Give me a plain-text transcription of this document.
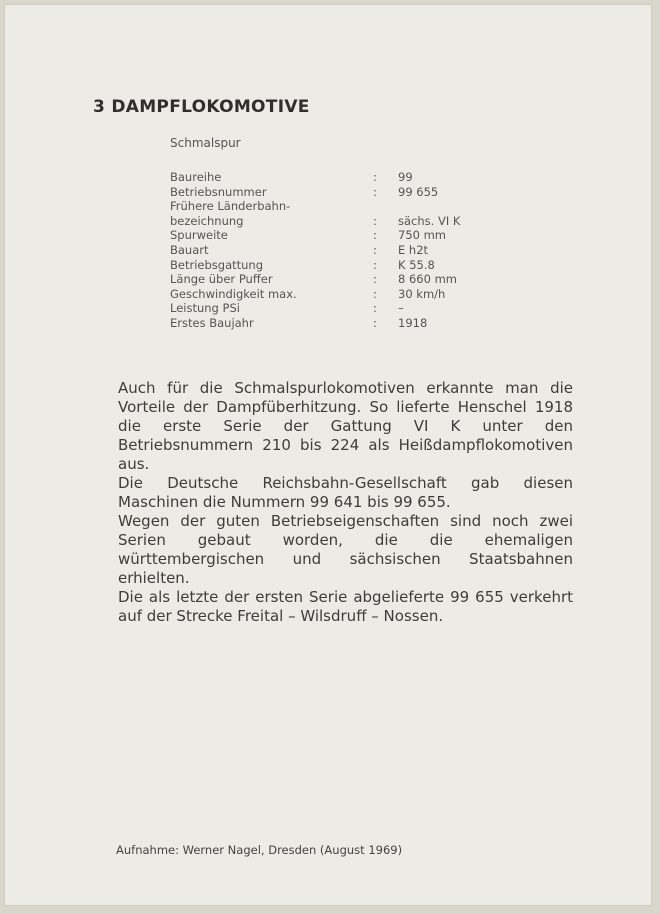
3 DAMPFLOKOMOTIVE
Schmalspur
Baureihe	:	99
Betriebsnummer	:	99 655
Frühere Länderbahn-
bezeichnung	:	sächs. VI K
Spurweite	:	750 mm
Bauart	:	E h2t
Betriebsgattung	:	K 55.8
Länge über Puffer	:	8 660 mm
Geschwindigkeit max.	:	30 km/h
Leistung PSi	:	–
Erstes Baujahr	:	1918

Auch für die Schmalspurlokomotiven erkannte man die Vorteile der Dampfüberhitzung. So lieferte Henschel 1918 die erste Serie der Gattung VI K unter den Betriebsnummern 210 bis 224 als Heißdampflokomotiven aus.

Die Deutsche Reichsbahn-Gesellschaft gab diesen Maschinen die Nummern 99 641 bis 99 655.

Wegen der guten Betriebseigenschaften sind noch zwei Serien gebaut worden, die die ehemaligen württembergischen und sächsischen Staatsbahnen erhielten.

Die als letzte der ersten Serie abgelieferte 99 655 verkehrt auf der Strecke Freital – Wilsdruff – Nossen.

Aufnahme: Werner Nagel, Dresden (August 1969)
